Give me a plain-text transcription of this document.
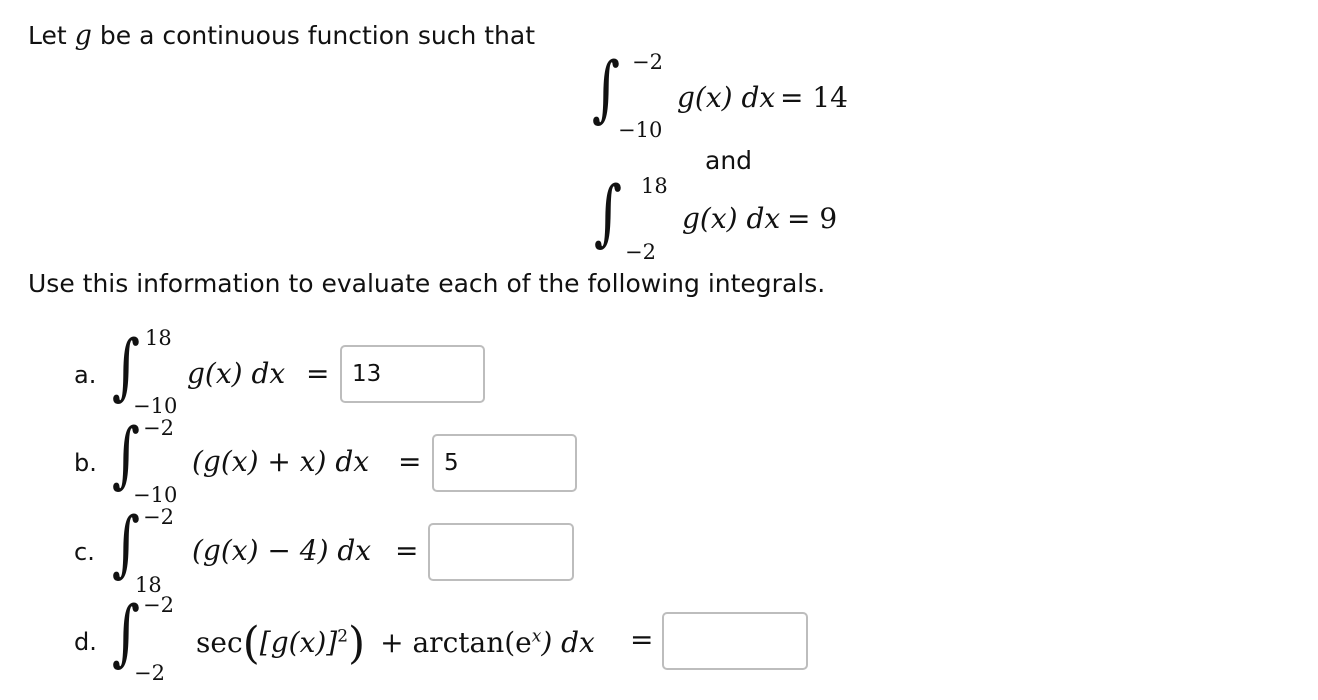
Let g be a continuous function such that
∫ −2
−10
g(x) dx = 14
and
∫ 18
−2
g(x) dx = 9
Use this information to evaluate each of the following integrals.
a. ∫ 18
−10
g(x) dx =
13
b. ∫ −2
−10
(g(x) + x) dx =
5
c. ∫ −2
18
(g(x) − 4) dx =
d. ∫ −2
−2
$\sec([g(x)]^2) + \arctan(e^x)$ dx =
